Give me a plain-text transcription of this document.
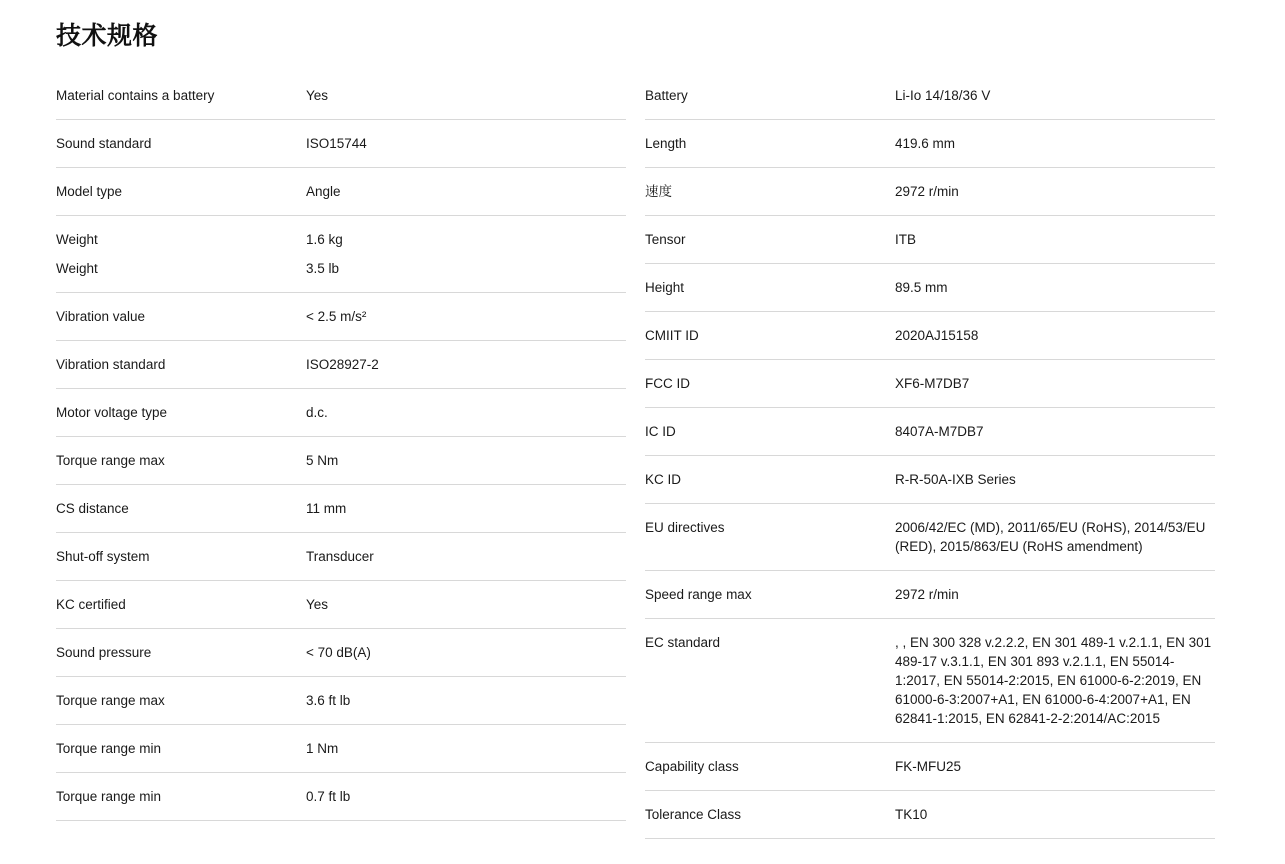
技术规格
Material contains a battery	Yes
Sound standard	ISO15744
Model type	Angle
Weight	1.6 kg
Weight	3.5 lb
Vibration value	< 2.5 m/s²
Vibration standard	ISO28927-2
Motor voltage type	d.c.
Torque range max	5 Nm
CS distance	11 mm
Shut-off system	Transducer
KC certified	Yes
Sound pressure	< 70 dB(A)
Torque range max	3.6 ft lb
Torque range min	1 Nm
Torque range min	0.7 ft lb
Battery	Li-Io 14/18/36 V
Length	419.6 mm
速度	2972 r/min
Tensor	ITB
Height	89.5 mm
CMIIT ID	2020AJ15158
FCC ID	XF6-M7DB7
IC ID	8407A-M7DB7
KC ID	R-R-50A-IXB Series
EU directives	2006/42/EC (MD), 2011/65/EU (RoHS), 2014/53/EU (RED), 2015/863/EU (RoHS amendment)
Speed range max	2972 r/min
EC standard	, , EN 300 328 v.2.2.2, EN 301 489-1 v.2.1.1, EN 301 489-17 v.3.1.1, EN 301 893 v.2.1.1, EN 55014-1:2017, EN 55014-2:2015, EN 61000-6-2:2019, EN 61000-6-3:2007+A1, EN 61000-6-4:2007+A1, EN 62841-1:2015, EN 62841-2-2:2014/AC:2015
Capability class	FK-MFU25
Tolerance Class	TK10
